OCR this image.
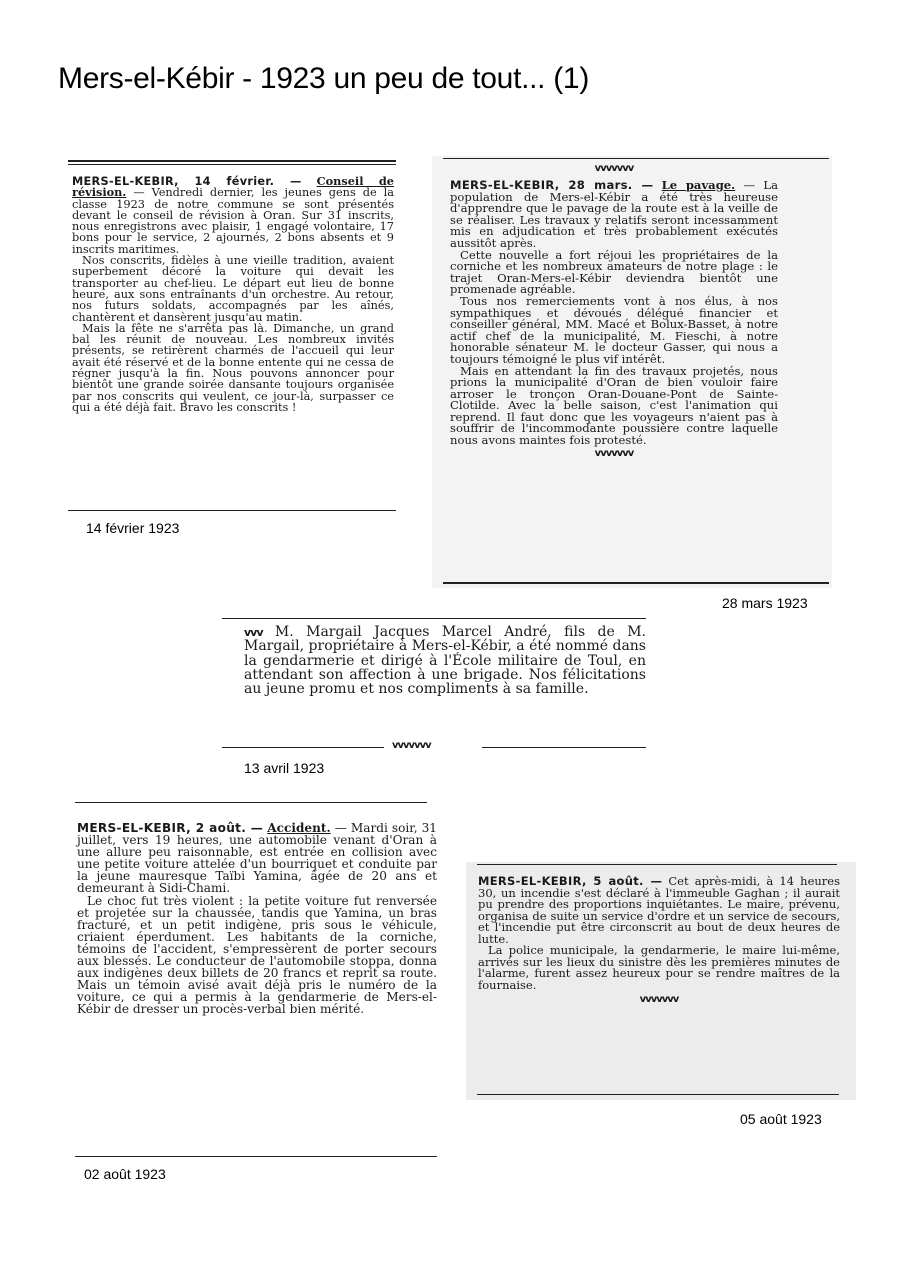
Mers-el-Kébir - 1923 un peu de tout... (1)

MERS-EL-KEBIR, 14 février. — Conseil de révision. — Vendredi dernier, les jeunes gens de la classe 1923 de notre commune se sont présentés devant le conseil de révision à Oran. Sur 31 inscrits, nous enregistrons avec plaisir, 1 engagé volontaire, 17 bons pour le service, 2 ajournés, 2 bons absents et 9 inscrits maritimes.

Nos conscrits, fidèles à une vieille tradition, avaient superbement décoré la voiture qui devait les transporter au chef-lieu. Le départ eut lieu de bonne heure, aux sons entraînants d'un orchestre. Au retour, nos futurs soldats, accompagnés par les aînés, chantèrent et dansèrent jusqu'au matin.

Mais la fête ne s'arrêta pas là. Dimanche, un grand bal les réunit de nouveau. Les nombreux invités présents, se retirèrent charmés de l'accueil qui leur avait été réservé et de la bonne entente qui ne cessa de régner jusqu'à la fin. Nous pouvons annoncer pour bientôt une grande soirée dansante toujours organisée par nos conscrits qui veulent, ce jour-là, surpasser ce qui a été déjà fait. Bravo les conscrits !

14 février 1923
vvvvvvv

MERS-EL-KEBIR, 28 mars. — Le pavage. — La population de Mers-el-Kébir a été très heureuse d'apprendre que le pavage de la route est à la veille de se réaliser. Les travaux y relatifs seront incessamment mis en adjudication et très probablement exécutés aussitôt après.

Cette nouvelle a fort réjoui les propriétaires de la corniche et les nombreux amateurs de notre plage : le trajet Oran-Mers-el-Kébir deviendra bientôt une promenade agréable.

Tous nos remerciements vont à nos élus, à nos sympathiques et dévoués délégué financier et conseiller général, MM. Macé et Bolux-Basset, à notre actif chef de la municipalité, M. Fieschi, à notre honorable sénateur M. le docteur Gasser, qui nous a toujours témoigné le plus vif intérêt.

Mais en attendant la fin des travaux projetés, nous prions la municipalité d'Oran de bien vouloir faire arroser le tronçon Oran-Douane-Pont de Sainte-Clotilde. Avec la belle saison, c'est l'animation qui reprend. Il faut donc que les voyageurs n'aient pas à souffrir de l'incommodante poussière contre laquelle nous avons maintes fois protesté.

vvvvvvv
28 mars 1923

vvv M. Margail Jacques Marcel André, fils de M. Margail, propriétaire à Mers-el-Kébir, a été nommé dans la gendarmerie et dirigé à l'École militaire de Toul, en attendant son affection à une brigade. Nos félicitations au jeune promu et nos compliments à sa famille.

vvvvvvv
13 avril 1923

MERS-EL-KEBIR, 2 août. — Accident. — Mardi soir, 31 juillet, vers 19 heures, une automobile venant d'Oran à une allure peu raisonnable, est entrée en collision avec une petite voiture attelée d'un bourriquet et conduite par la jeune mauresque Taïbi Yamina, âgée de 20 ans et demeurant à Sidi-Chami.

Le choc fut très violent : la petite voiture fut renversée et projetée sur la chaussée, tandis que Yamina, un bras fracturé, et un petit indigène, pris sous le véhicule, criaient éperdument. Les habitants de la corniche, témoins de l'accident, s'empressèrent de porter secours aux blessés. Le conducteur de l'automobile stoppa, donna aux indigènes deux billets de 20 francs et reprit sa route. Mais un témoin avisé avait déjà pris le numéro de la voiture, ce qui a permis à la gendarmerie de Mers-el-Kébir de dresser un procès-verbal bien mérité.

02 août 1923

MERS-EL-KEBIR, 5 août. — Cet après-midi, à 14 heures 30, un incendie s'est déclaré à l'immeuble Gaghan ; il aurait pu prendre des proportions inquiétantes. Le maire, prévenu, organisa de suite un service d'ordre et un service de secours, et l'incendie put être circonscrit au bout de deux heures de lutte.

La police municipale, la gendarmerie, le maire lui-même, arrivés sur les lieux du sinistre dès les premières minutes de l'alarme, furent assez heureux pour se rendre maîtres de la fournaise.

vvvvvvv
05 août 1923
